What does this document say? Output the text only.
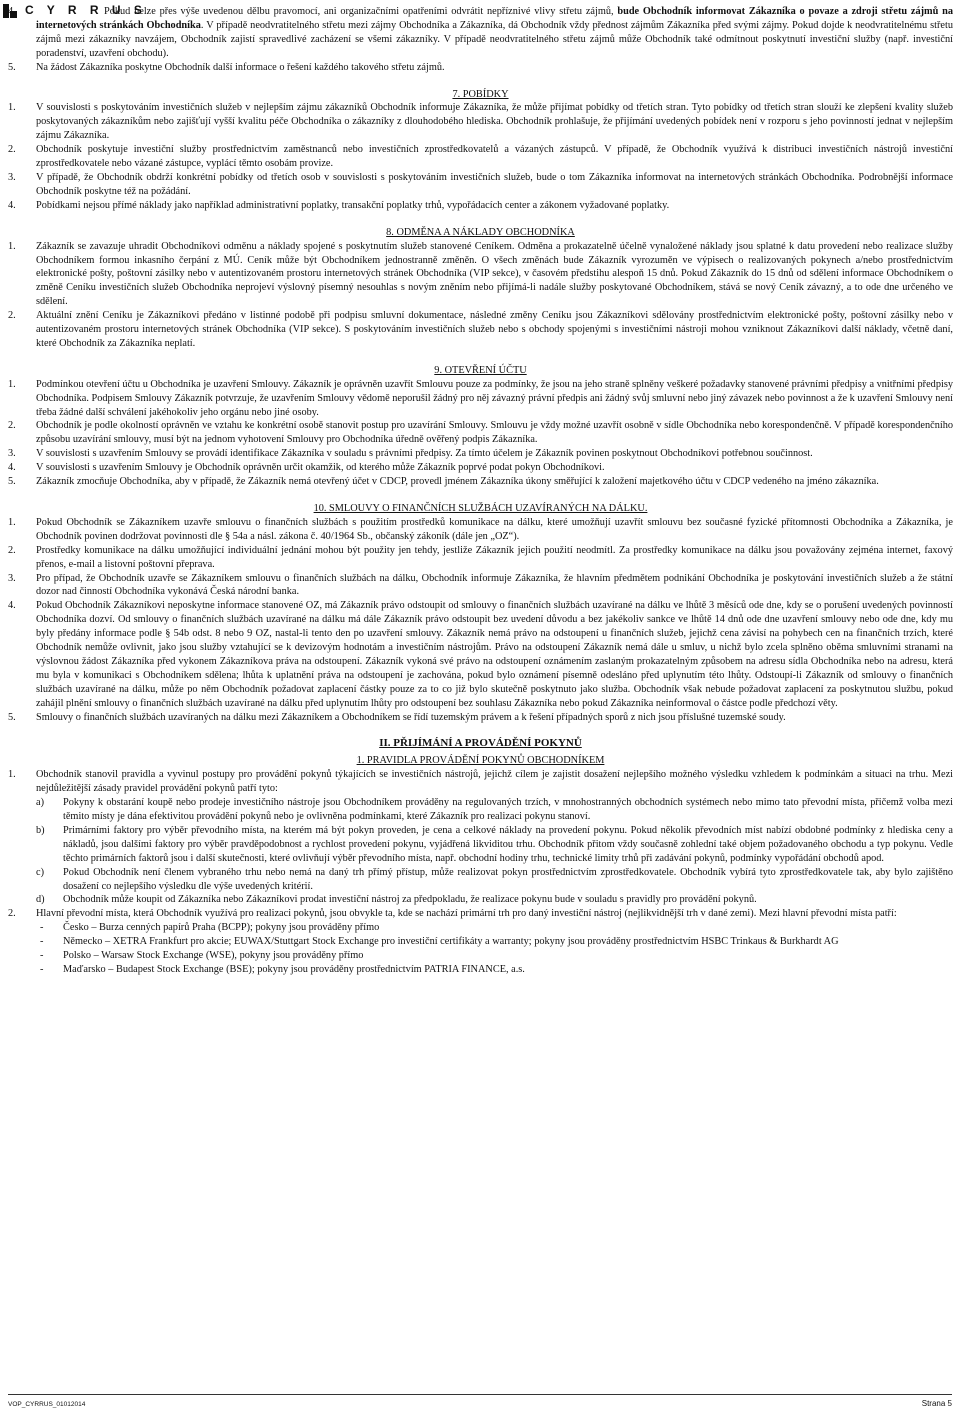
C Y R R U S
4.	Pokud nelze přes výše uvedenou dělbu pravomocí, ani organizačními opatřeními odvrátit nepříznivé vlivy střetu zájmů, bude Obchodník informovat Zákazníka o povaze a zdroji střetu zájmů na internetových stránkách Obchodníka. V případě neodvratitelného střetu mezi zájmy Obchodníka a Zákazníka, dá Obchodník vždy přednost zájmům Zákazníka před svými zájmy. Pokud dojde k neodvratitelnému střetu zájmů mezi zákazníky navzájem, Obchodník zajistí spravedlivé zacházení se všemi zákazníky. V případě neodvratitelného střetu zájmů může Obchodník také odmítnout poskytnutí investiční služby (např. investiční poradenství, uzavření obchodu).
5. Na žádost Zákazníka poskytne Obchodník další informace o řešení každého takového střetu zájmů.
7. POBÍDKY
1. V souvislosti s poskytováním investičních služeb v nejlepším zájmu zákazníků Obchodník informuje Zákazníka, že může přijímat pobídky od třetích stran. Tyto pobídky od třetích stran slouží ke zlepšení kvality služeb poskytovaných zákazníkům nebo zajišťují vyšší kvalitu péče Obchodníka o zákazníky z dlouhodobého hlediska. Obchodník prohlašuje, že přijímání uvedených pobídek není v rozporu s jeho povinností jednat v nejlepším zájmu Zákazníka.
2. Obchodník poskytuje investiční služby prostřednictvím zaměstnanců nebo investičních zprostředkovatelů a vázaných zástupců. V případě, že Obchodník využívá k distribuci investičních nástrojů investiční zprostředkovatele nebo vázané zástupce, vyplácí těmto osobám provize.
3. V případě, že Obchodník obdrží konkrétní pobídky od třetích osob v souvislosti s poskytováním investičních služeb, bude o tom Zákazníka informovat na internetových stránkách Obchodníka. Podrobnější informace Obchodník poskytne též na požádání.
4. Pobídkami nejsou přímé náklady jako například administrativní poplatky, transakční poplatky trhů, vypořádacích center a zákonem vyžadované poplatky.
8. ODMĚNA A NÁKLADY OBCHODNÍKA
1. Zákazník se zavazuje uhradit Obchodníkovi odměnu a náklady spojené s poskytnutím služeb stanovené Ceníkem. Odměna a prokazatelně účelně vynaložené náklady jsou splatné k datu provedení nebo realizace služby Obchodníkem formou inkasního čerpání z MÚ. Ceník může být Obchodníkem jednostranně změněn. O všech změnách bude Zákazník vyrozuměn ve výpisech o realizovaných pokynech a/nebo prostřednictvím elektronické pošty, poštovní zásilky nebo v autentizovaném prostoru internetových stránek Obchodníka (VIP sekce), v časovém předstihu alespoň 15 dnů. Pokud Zákazník do 15 dnů od sdělení informace Obchodníkem o změně Ceníku investičních služeb Obchodníka neprojeví výslovný písemný nesouhlas s novým zněním nebo přijímá-li nadále služby poskytované Obchodníkem, stává se nový Ceník závazný, a to ode dne určeného ve sdělení.
2. Aktuální znění Ceníku je Zákazníkovi předáno v listinné podobě při podpisu smluvní dokumentace, následné změny Ceníku jsou Zákazníkovi sdělovány prostřednictvím elektronické pošty, poštovní zásilky nebo v autentizovaném prostoru internetových stránek Obchodníka (VIP sekce). S poskytováním investičních služeb nebo s obchody spojenými s investičními nástroji mohou vzniknout Zákazníkovi další náklady, včetně daní, které Obchodník za Zákazníka neplatí.
9. OTEVŘENÍ ÚČTU
1. Podmínkou otevření účtu u Obchodníka je uzavření Smlouvy. Zákazník je oprávněn uzavřít Smlouvu pouze za podmínky, že jsou na jeho straně splněny veškeré požadavky stanovené právními předpisy a vnitřními předpisy Obchodníka. Podpisem Smlouvy Zákazník potvrzuje, že uzavřením Smlouvy vědomě neporušil žádný pro něj závazný právní předpis ani žádný svůj smluvní nebo jiný závazek nebo povinnost a že k uzavření Smlouvy není třeba žádné další schválení jakéhokoliv jeho orgánu nebo jiné osoby.
2. Obchodník je podle okolností oprávněn ve vztahu ke konkrétní osobě stanovit postup pro uzavírání Smlouvy. Smlouvu je vždy možné uzavřít osobně v sídle Obchodníka nebo korespondenčně. V případě korespondenčního způsobu uzavírání smlouvy, musí být na jednom vyhotovení Smlouvy pro Obchodníka úředně ověřený podpis Zákazníka.
3. V souvislosti s uzavřením Smlouvy se provádí identifikace Zákazníka v souladu s právními předpisy. Za tímto účelem je Zákazník povinen poskytnout Obchodníkovi potřebnou součinnost.
4. V souvislosti s uzavřením Smlouvy je Obchodník oprávněn určit okamžik, od kterého může Zákazník poprvé podat pokyn Obchodníkovi.
5. Zákazník zmocňuje Obchodníka, aby v případě, že Zákazník nemá otevřený účet v CDCP, provedl jménem Zákazníka úkony směřující k založení majetkového účtu v CDCP vedeného na jméno zákazníka.
10. SMLOUVY O FINANČNÍCH SLUŽBÁCH UZAVÍRANÝCH NA DÁLKU.
1. Pokud Obchodník se Zákazníkem uzavře smlouvu o finančních službách s použitím prostředků komunikace na dálku, které umožňují uzavřít smlouvu bez současné fyzické přítomnosti Obchodníka a Zákazníka, je Obchodník povinen dodržovat povinnosti dle § 54a a násl. zákona č. 40/1964 Sb., občanský zákoník (dále jen „OZ“).
2. Prostředky komunikace na dálku umožňující individuální jednání mohou být použity jen tehdy, jestliže Zákazník jejich použití neodmítl. Za prostředky komunikace na dálku jsou považovány zejména internet, faxový přenos, e-mail a listovní poštovní přeprava.
3. Pro případ, že Obchodník uzavře se Zákazníkem smlouvu o finančních službách na dálku, Obchodník informuje Zákazníka, že hlavním předmětem podnikání Obchodníka je poskytování investičních služeb a že státní dozor nad činností Obchodníka vykonává Česká národní banka.
4. Pokud Obchodník Zákazníkovi neposkytne informace stanovené OZ, má Zákazník právo odstoupit od smlouvy o finančních službách uzavírané na dálku ve lhůtě 3 měsíců ode dne, kdy se o porušení uvedených povinností Obchodníka dozví. Od smlouvy o finančních službách uzavírané na dálku má dále Zákazník právo odstoupit bez uvedení důvodu a bez jakékoliv sankce ve lhůtě 14 dnů ode dne uzavření smlouvy nebo ode dne, kdy mu byly předány informace podle § 54b odst. 8 nebo 9 OZ, nastal-li tento den po uzavření smlouvy. Zákazník nemá právo na odstoupení u finančních služeb, jejichž cena závisí na pohybech cen na finančních trzích, které Obchodník nemůže ovlivnit, jako jsou služby vztahující se k devizovým hodnotám a investičním nástrojům. Právo na odstoupení Zákazník nemá dále u smluv, u nichž bylo zcela splněno oběma smluvními stranami na výslovnou žádost Zákazníka před vykonem Zákazníkova práva na odstoupení. Zákazník vykoná své právo na odstoupení oznámením zaslaným prokazatelným způsobem na adresu sídla Obchodníka nebo na adresu, která mu byla v komunikaci s Obchodníkem sdělena; lhůta k uplatnění práva na odstoupení je zachována, pokud bylo oznámení písemně odesláno před uplynutím této lhůty. Odstoupí-li Zákazník od smlouvy o finančních službách uzavírané na dálku, může po něm Obchodník požadovat zaplacení částky pouze za to co již bylo skutečně poskytnuto jako služba. Obchodník však nebude požadovat zaplacení za poskytnutou službu, pokud zahájil plnění smlouvy o finančních službách uzavírané na dálku před uplynutím lhůty pro odstoupení bez souhlasu Zákazníka nebo pokud Zákazníka neinformoval o částce podle předchozí věty.
5. Smlouvy o finančních službách uzavíraných na dálku mezi Zákazníkem a Obchodníkem se řídí tuzemským právem a k řešení případných sporů z nich jsou příslušné tuzemské soudy.
II. PŘIJÍMÁNÍ A PROVÁDĚNÍ POKYNŮ
1. PRAVIDLA PROVÁDĚNÍ POKYNŮ OBCHODNÍKEM
1. Obchodník stanovil pravidla a vyvinul postupy pro provádění pokynů týkajících se investičních nástrojů, jejichž cílem je zajistit dosažení nejlepšího možného výsledku vzhledem k podmínkám a situaci na trhu. Mezi nejdůležitější zásady pravidel provádění pokynů patří tyto:
a) Pokyny k obstarání koupě nebo prodeje investičního nástroje jsou Obchodníkem prováděny na regulovaných trzích, v mnohostranných obchodních systémech nebo mimo tato převodní místa, přičemž volba mezi těmito místy je dána efektivitou provádění pokynů nebo je ovlivněna podmínkami, které Zákazník pro realizaci pokynu stanoví.
b) Primárními faktory pro výběr převodního místa, na kterém má být pokyn proveden, je cena a celkové náklady na provedení pokynu. Pokud několik převodních míst nabízí obdobné podmínky z hlediska ceny a nákladů, jsou dalšími faktory pro výběr pravděpodobnost a rychlost provedení pokynu, vyjádřená likviditou trhu. Obchodník přitom vždy současně zohlední také objem požadovaného obchodu a typ pokynu. Vedle těchto primárních faktorů jsou i další skutečnosti, které ovlivňují výběr převodního místa, např. obchodní hodiny trhu, technické limity trhů při zadávání pokynů, podmínky vypořádání obchodů apod.
c) Pokud Obchodník není členem vybraného trhu nebo nemá na daný trh přímý přístup, může realizovat pokyn prostřednictvím zprostředkovatele. Obchodník vybírá tyto zprostředkovatele tak, aby bylo zajištěno dosažení co nejlepšího výsledku dle výše uvedených kritérií.
d) Obchodník může koupit od Zákazníka nebo Zákazníkovi prodat investiční nástroj za předpokladu, že realizace pokynu bude v souladu s pravidly pro provádění pokynů.
2. Hlavní převodní místa, která Obchodník využívá pro realizaci pokynů, jsou obvykle ta, kde se nachází primární trh pro daný investiční nástroj (nejlikvidnější trh v dané zemi). Mezi hlavní převodní místa patří:
- Česko – Burza cenných papírů Praha (BCPP); pokyny jsou prováděny přímo
- Německo – XETRA Frankfurt pro akcie; EUWAX/Stuttgart Stock Exchange pro investiční certifikáty a warranty; pokyny jsou prováděny prostřednictvím HSBC Trinkaus & Burkhardt AG
- Polsko – Warsaw Stock Exchange (WSE), pokyny jsou prováděny přímo
- Maďarsko – Budapest Stock Exchange (BSE); pokyny jsou prováděny prostřednictvím PATRIA FINANCE, a.s.
VOP_CYRRUS_01012014	Strana 5
